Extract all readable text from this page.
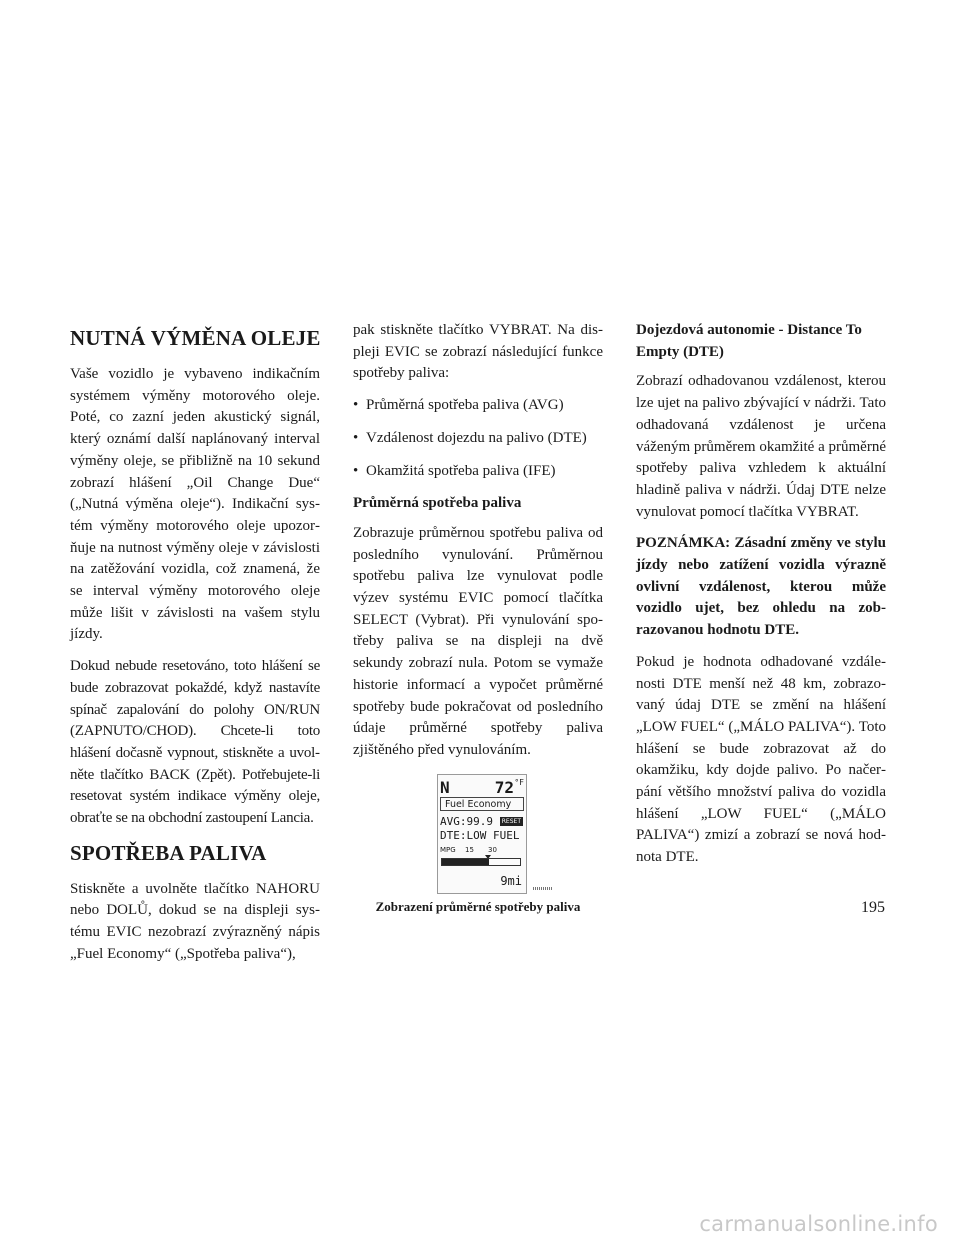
NUTNÁ VÝMĚNA OLEJE

Vaše vozidlo je vybaveno indikačním systémem výměny motorového oleje. Poté, co zazní jeden akustický signál, který oznámí další naplánovaný interval výměny oleje, se přibližně na 10 sekund zobrazí hlášení „Oil Change Due“ („Nutná výměna oleje“). Indikační systém výměny motorového oleje upozorňuje na nutnost výměny oleje v závislosti na zatěžování vozidla, což znamená, že se interval výměny motorového oleje může lišit v závislosti na vašem stylu jízdy.

Dokud nebude resetováno, toto hlášení se bude zobrazovat pokaždé, když nastavíte spínač zapalování do polohy ON/RUN (ZAPNUTO/CHOD). Chcete-li toto hlášení dočasně vypnout, stiskněte a uvolněte tlačítko BACK (Zpět). Potřebujete-li resetovat systém indikace výměny oleje, obraťte se na obchodní zastoupení Lancia.

SPOTŘEBA PALIVA

Stiskněte a uvolněte tlačítko NAHORU nebo DOLŮ, dokud se na displeji systému EVIC nezobrazí zvýrazněný nápis „Fuel Economy“ („Spotřeba paliva“),

pak stiskněte tlačítko VYBRAT. Na displeji EVIC se zobrazí následující funkce spotřeby paliva:

• Průměrná spotřeba paliva (AVG)
• Vzdálenost dojezdu na palivo (DTE)
• Okamžitá spotřeba paliva (IFE)

Průměrná spotřeba paliva

Zobrazuje průměrnou spotřebu paliva od posledního vynulování. Průměrnou spotřebu paliva lze vynulovat podle výzev systému EVIC pomocí tlačítka SELECT (Vybrat). Při vynulování spotřeby paliva se na displeji na dvě sekundy zobrazí nula. Potom se vymaže historie informací a vypočet průměrné spotřeby bude pokračovat od posledního údaje průměrné spotřeby paliva zjištěného před vynulováním.

N	72 °F
Fuel Economy
AVG:99.9	RESET
DTE:LOW FUEL
MPG 15 30
9mi
Zobrazení průměrné spotřeby paliva

Dojezdová autonomie - Distance To Empty (DTE)

Zobrazí odhadovanou vzdálenost, kterou lze ujet na palivo zbývající v nádrži. Tato odhadovaná vzdálenost je určena váženým průměrem okamžité a průměrné spotřeby paliva vzhledem k aktuální hladině paliva v nádrži. Údaj DTE nelze vynulovat pomocí tlačítka VYBRAT.

POZNÁMKA: Zásadní změny ve stylu jízdy nebo zatížení vozidla výrazně ovlivní vzdálenost, kterou může vozidlo ujet, bez ohledu na zobrazovanou hodnotu DTE.

Pokud je hodnota odhadované vzdálenosti DTE menší než 48 km, zobrazovaný údaj DTE se změní na hlášení „LOW FUEL“ („MÁLO PALIVA“). Toto hlášení se bude zobrazovat až do okamžiku, kdy dojde palivo. Po načerpání většího množství paliva do vozidla hlášení „LOW FUEL“ („MÁLO PALIVA“) zmizí a zobrazí se nová hodnota DTE.

195
carmanualsonline.info
